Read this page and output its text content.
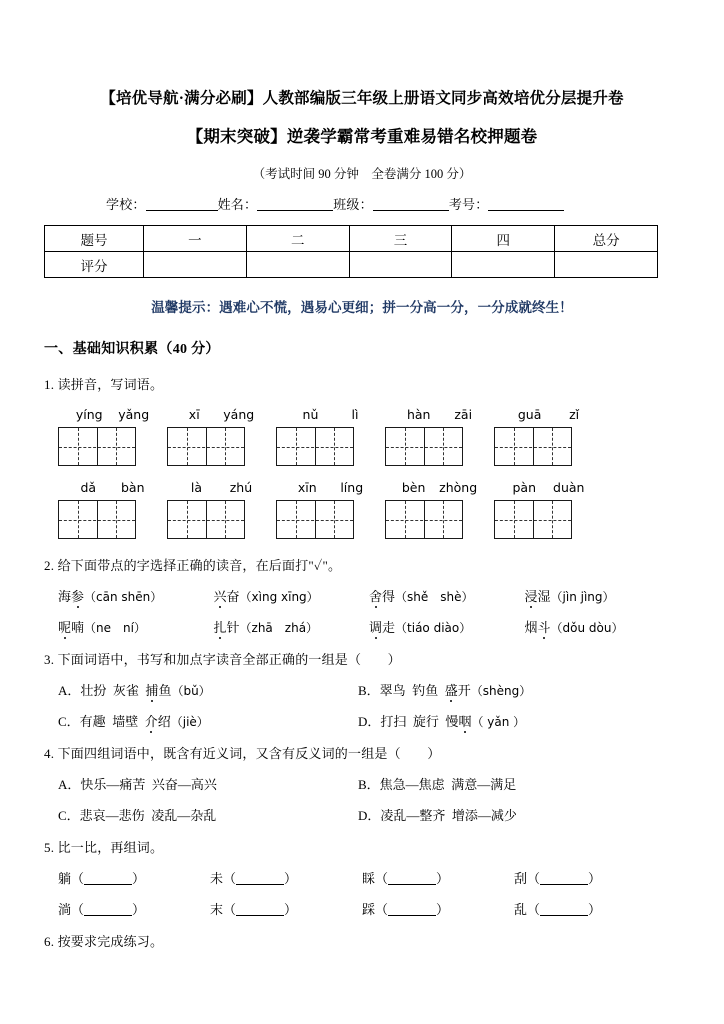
【培优导航·满分必刷】人教部编版三年级上册语文同步高效培优分层提升卷
【期末突破】逆袭学霸常考重难易错名校押题卷
（考试时间 90 分钟　全卷满分 100 分）
学校：	姓名：	班级：	考号：
题号	一	二	三	四	总分
评分					
温馨提示：遇难心不慌，遇易心更细；拼一分高一分，一分成就终生！
一、基础知识积累（40 分）
1. 读拼音，写词语。
yíng yǎng	xī yáng	nǔ	lì	hàn zāi	guā zǐ
dǎ bàn	là zhú	xīn líng	bèn zhòng	pàn duàn
2. 给下面带点的字选择正确的读音，在后面打"✓"。
海参（cān shēn）	兴奋（xìng xīng）	舍得（shě　shè）	浸湿（jìn jìng）
呢喃（ne　ní）	扎针（zhā　zhá）	调走（tiáo diào）	烟斗（dǒu dòu）
3. 下面词语中，书写和加点字读音全部正确的一组是（　　）
A．壮扮 灰雀 捕鱼（bǔ）	B．翠鸟 钓鱼 盛开（shèng）
C．有趣 墙壁 介绍（jiè）	D．打扫 旋行 慢咽（ yǎn ）
4. 下面四组词语中，既含有近义词，又含有反义词的一组是（　　）
A．快乐—痛苦 兴奋—高兴	B．焦急—焦虑 满意—满足
C．悲哀—悲伤 凌乱—杂乱	D．凌乱—整齐 增添—减少
5. 比一比，再组词。
躺（	）	未（	）	睬（	）	刮（	）
淌（	）	末（	）	踩（	）	乱（	）
6. 按要求完成练习。
